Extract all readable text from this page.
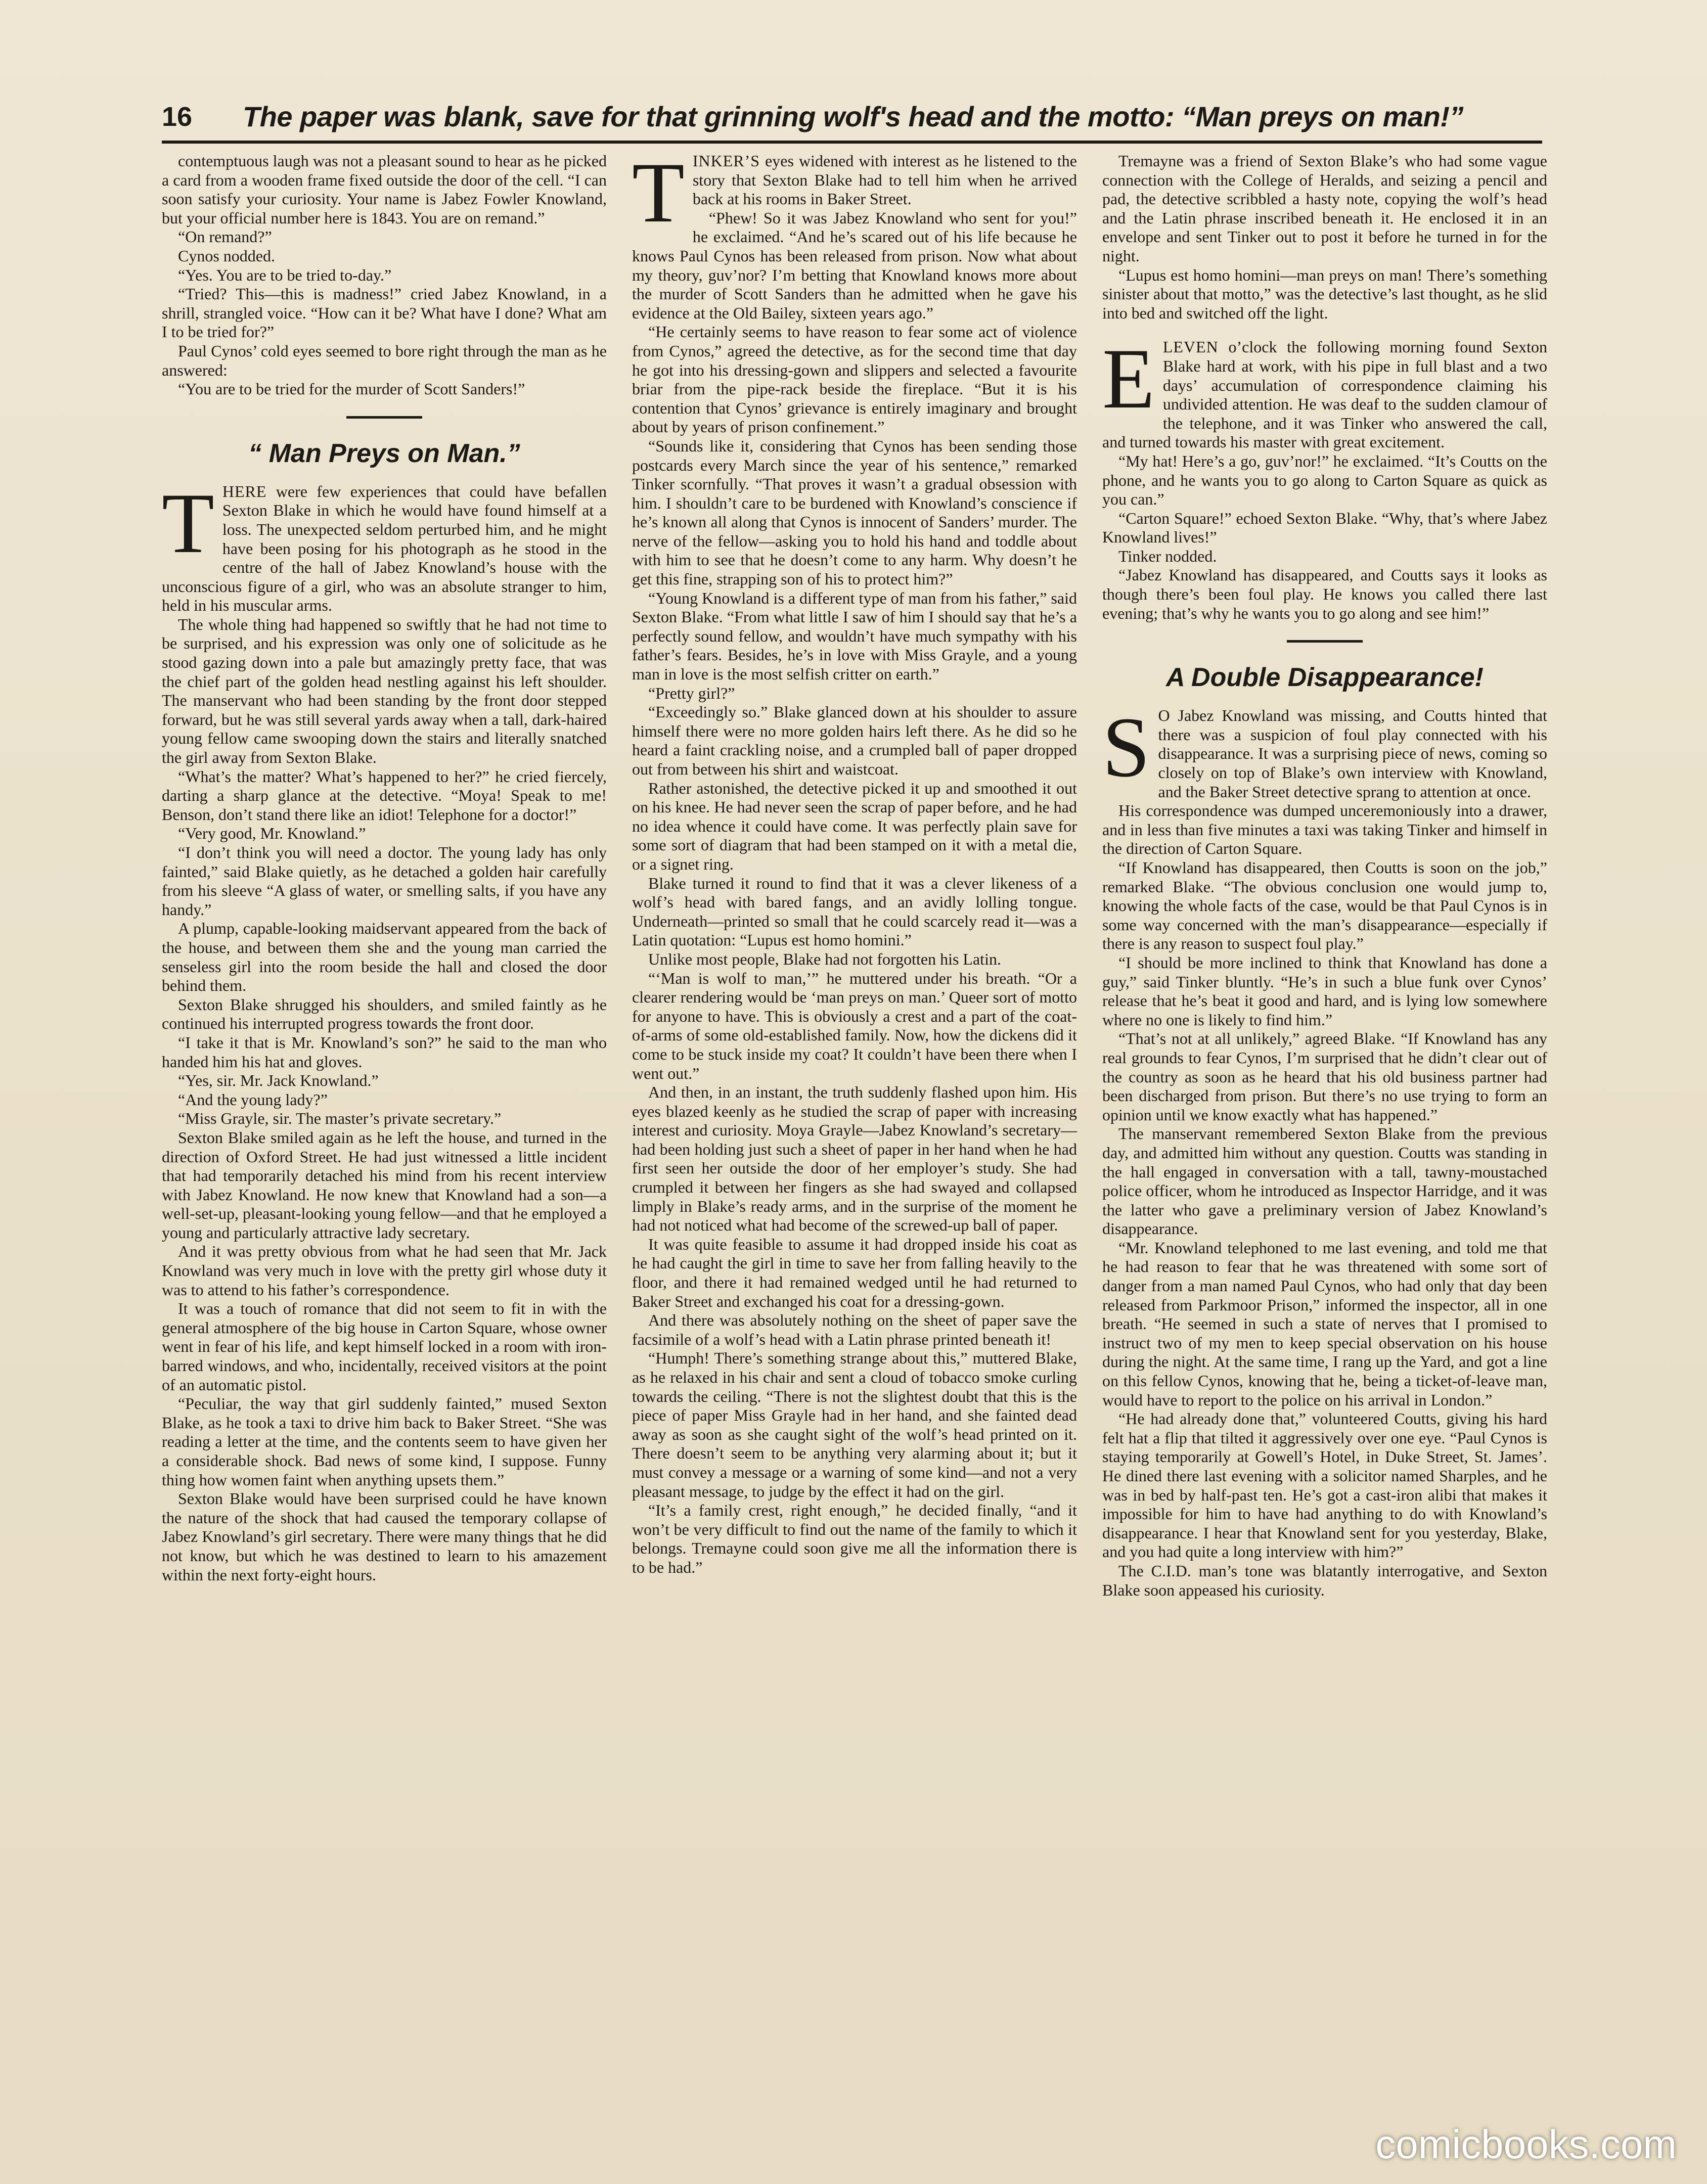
16 The paper was blank, save for that grinning wolf's head and the motto: “Man preys on man!”

contemptuous laugh was not a pleasant sound to hear as he picked a card from a wooden frame fixed outside the door of the cell. “I can soon satisfy your curiosity. Your name is Jabez Fowler Knowland, but your official number here is 1843. You are on remand.”

“On remand?”

Cynos nodded.

“Yes. You are to be tried to-day.”

“Tried? This—this is madness!” cried Jabez Knowland, in a shrill, strangled voice. “How can it be? What have I done? What am I to be tried for?”

Paul Cynos’ cold eyes seemed to bore right through the man as he answered:

“You are to be tried for the murder of Scott Sanders!”

“ Man Preys on Man.”

THERE were few experiences that could have befallen Sexton Blake in which he would have found himself at a loss. The unexpected seldom perturbed him, and he might have been posing for his photograph as he stood in the centre of the hall of Jabez Knowland’s house with the unconscious figure of a girl, who was an absolute stranger to him, held in his muscular arms.

The whole thing had happened so swiftly that he had not time to be surprised, and his expression was only one of solicitude as he stood gazing down into a pale but amazingly pretty face, that was the chief part of the golden head nestling against his left shoulder. The manservant who had been standing by the front door stepped forward, but he was still several yards away when a tall, dark-haired young fellow came swooping down the stairs and literally snatched the girl away from Sexton Blake.

“What’s the matter? What’s happened to her?” he cried fiercely, darting a sharp glance at the detective. “Moya! Speak to me! Benson, don’t stand there like an idiot! Telephone for a doctor!”

“Very good, Mr. Knowland.”

“I don’t think you will need a doctor. The young lady has only fainted,” said Blake quietly, as he detached a golden hair carefully from his sleeve “A glass of water, or smelling salts, if you have any handy.”

A plump, capable-looking maidservant appeared from the back of the house, and between them she and the young man carried the senseless girl into the room beside the hall and closed the door behind them.

Sexton Blake shrugged his shoulders, and smiled faintly as he continued his interrupted progress towards the front door.

“I take it that is Mr. Knowland’s son?” he said to the man who handed him his hat and gloves.

“Yes, sir. Mr. Jack Knowland.”

“And the young lady?”

“Miss Grayle, sir. The master’s private secretary.”

Sexton Blake smiled again as he left the house, and turned in the direction of Oxford Street. He had just witnessed a little incident that had temporarily detached his mind from his recent interview with Jabez Knowland. He now knew that Knowland had a son—a well-set-up, pleasant-looking young fellow—and that he employed a young and particularly attractive lady secretary.

And it was pretty obvious from what he had seen that Mr. Jack Knowland was very much in love with the pretty girl whose duty it was to attend to his father’s correspondence.

It was a touch of romance that did not seem to fit in with the general atmosphere of the big house in Carton Square, whose owner went in fear of his life, and kept himself locked in a room with iron-barred windows, and who, incidentally, received visitors at the point of an automatic pistol.

“Peculiar, the way that girl suddenly fainted,” mused Sexton Blake, as he took a taxi to drive him back to Baker Street. “She was reading a letter at the time, and the contents seem to have given her a considerable shock. Bad news of some kind, I suppose. Funny thing how women faint when anything upsets them.”

Sexton Blake would have been surprised could he have known the nature of the shock that had caused the temporary collapse of Jabez Knowland’s girl secretary. There were many things that he did not know, but which he was destined to learn to his amazement within the next forty-eight hours.

TINKER’S eyes widened with interest as he listened to the story that Sexton Blake had to tell him when he arrived back at his rooms in Baker Street.

“Phew! So it was Jabez Knowland who sent for you!” he exclaimed. “And he’s scared out of his life because he knows Paul Cynos has been released from prison. Now what about my theory, guv’nor? I’m betting that Knowland knows more about the murder of Scott Sanders than he admitted when he gave his evidence at the Old Bailey, sixteen years ago.”

“He certainly seems to have reason to fear some act of violence from Cynos,” agreed the detective, as for the second time that day he got into his dressing-gown and slippers and selected a favourite briar from the pipe-rack beside the fireplace. “But it is his contention that Cynos’ grievance is entirely imaginary and brought about by years of prison confinement.”

“Sounds like it, considering that Cynos has been sending those postcards every March since the year of his sentence,” remarked Tinker scornfully. “That proves it wasn’t a gradual obsession with him. I shouldn’t care to be burdened with Knowland’s conscience if he’s known all along that Cynos is innocent of Sanders’ murder. The nerve of the fellow—asking you to hold his hand and toddle about with him to see that he doesn’t come to any harm. Why doesn’t he get this fine, strapping son of his to protect him?”

“Young Knowland is a different type of man from his father,” said Sexton Blake. “From what little I saw of him I should say that he’s a perfectly sound fellow, and wouldn’t have much sympathy with his father’s fears. Besides, he’s in love with Miss Grayle, and a young man in love is the most selfish critter on earth.”

“Pretty girl?”

“Exceedingly so.” Blake glanced down at his shoulder to assure himself there were no more golden hairs left there. As he did so he heard a faint crackling noise, and a crumpled ball of paper dropped out from between his shirt and waistcoat.

Rather astonished, the detective picked it up and smoothed it out on his knee. He had never seen the scrap of paper before, and he had no idea whence it could have come. It was perfectly plain save for some sort of diagram that had been stamped on it with a metal die, or a signet ring.

Blake turned it round to find that it was a clever likeness of a wolf’s head with bared fangs, and an avidly lolling tongue. Underneath—printed so small that he could scarcely read it—was a Latin quotation: “Lupus est homo homini.”

Unlike most people, Blake had not forgotten his Latin.

“‘Man is wolf to man,’” he muttered under his breath. “Or a clearer rendering would be ‘man preys on man.’ Queer sort of motto for anyone to have. This is obviously a crest and a part of the coat-of-arms of some old-established family. Now, how the dickens did it come to be stuck inside my coat? It couldn’t have been there when I went out.”

And then, in an instant, the truth suddenly flashed upon him. His eyes blazed keenly as he studied the scrap of paper with increasing interest and curiosity. Moya Grayle—Jabez Knowland’s secretary—had been holding just such a sheet of paper in her hand when he had first seen her outside the door of her employer’s study. She had crumpled it between her fingers as she had swayed and collapsed limply in Blake’s ready arms, and in the surprise of the moment he had not noticed what had become of the screwed-up ball of paper.

It was quite feasible to assume it had dropped inside his coat as he had caught the girl in time to save her from falling heavily to the floor, and there it had remained wedged until he had returned to Baker Street and exchanged his coat for a dressing-gown.

And there was absolutely nothing on the sheet of paper save the facsimile of a wolf’s head with a Latin phrase printed beneath it!

“Humph! There’s something strange about this,” muttered Blake, as he relaxed in his chair and sent a cloud of tobacco smoke curling towards the ceiling. “There is not the slightest doubt that this is the piece of paper Miss Grayle had in her hand, and she fainted dead away as soon as she caught sight of the wolf’s head printed on it. There doesn’t seem to be anything very alarming about it; but it must convey a message or a warning of some kind—and not a very pleasant message, to judge by the effect it had on the girl.

“It’s a family crest, right enough,” he decided finally, “and it won’t be very difficult to find out the name of the family to which it belongs. Tremayne could soon give me all the information there is to be had.”

Tremayne was a friend of Sexton Blake’s who had some vague connection with the College of Heralds, and seizing a pencil and pad, the detective scribbled a hasty note, copying the wolf’s head and the Latin phrase inscribed beneath it. He enclosed it in an envelope and sent Tinker out to post it before he turned in for the night.

“Lupus est homo homini—man preys on man! There’s something sinister about that motto,” was the detective’s last thought, as he slid into bed and switched off the light.

ELEVEN o’clock the following morning found Sexton Blake hard at work, with his pipe in full blast and a two days’ accumulation of correspondence claiming his undivided attention. He was deaf to the sudden clamour of the telephone, and it was Tinker who answered the call, and turned towards his master with great excitement.

“My hat! Here’s a go, guv’nor!” he exclaimed. “It’s Coutts on the phone, and he wants you to go along to Carton Square as quick as you can.”

“Carton Square!” echoed Sexton Blake. “Why, that’s where Jabez Knowland lives!”

Tinker nodded.

“Jabez Knowland has disappeared, and Coutts says it looks as though there’s been foul play. He knows you called there last evening; that’s why he wants you to go along and see him!”

A Double Disappearance!

S O Jabez Knowland was missing, and Coutts hinted that there was a suspicion of foul play connected with his disappearance. It was a surprising piece of news, coming so closely on top of Blake’s own interview with Knowland, and the Baker Street detective sprang to attention at once.

His correspondence was dumped unceremoniously into a drawer, and in less than five minutes a taxi was taking Tinker and himself in the direction of Carton Square.

“If Knowland has disappeared, then Coutts is soon on the job,” remarked Blake. “The obvious conclusion one would jump to, knowing the whole facts of the case, would be that Paul Cynos is in some way concerned with the man’s disappearance—especially if there is any reason to suspect foul play.”

“I should be more inclined to think that Knowland has done a guy,” said Tinker bluntly. “He’s in such a blue funk over Cynos’ release that he’s beat it good and hard, and is lying low somewhere where no one is likely to find him.”

“That’s not at all unlikely,” agreed Blake. “If Knowland has any real grounds to fear Cynos, I’m surprised that he didn’t clear out of the country as soon as he heard that his old business partner had been discharged from prison. But there’s no use trying to form an opinion until we know exactly what has happened.”

The manservant remembered Sexton Blake from the previous day, and admitted him without any question. Coutts was standing in the hall engaged in conversation with a tall, tawny-moustached police officer, whom he introduced as Inspector Harridge, and it was the latter who gave a preliminary version of Jabez Knowland’s disappearance.

“Mr. Knowland telephoned to me last evening, and told me that he had reason to fear that he was threatened with some sort of danger from a man named Paul Cynos, who had only that day been released from Parkmoor Prison,” informed the inspector, all in one breath. “He seemed in such a state of nerves that I promised to instruct two of my men to keep special observation on his house during the night. At the same time, I rang up the Yard, and got a line on this fellow Cynos, knowing that he, being a ticket-of-leave man, would have to report to the police on his arrival in London.”

“He had already done that,” volunteered Coutts, giving his hard felt hat a flip that tilted it aggressively over one eye. “Paul Cynos is staying temporarily at Gowell’s Hotel, in Duke Street, St. James’. He dined there last evening with a solicitor named Sharples, and he was in bed by half-past ten. He’s got a cast-iron alibi that makes it impossible for him to have had anything to do with Knowland’s disappearance. I hear that Knowland sent for you yesterday, Blake, and you had quite a long interview with him?”

The C.I.D. man’s tone was blatantly interrogative, and Sexton Blake soon appeased his curiosity.

comicbooks.com
